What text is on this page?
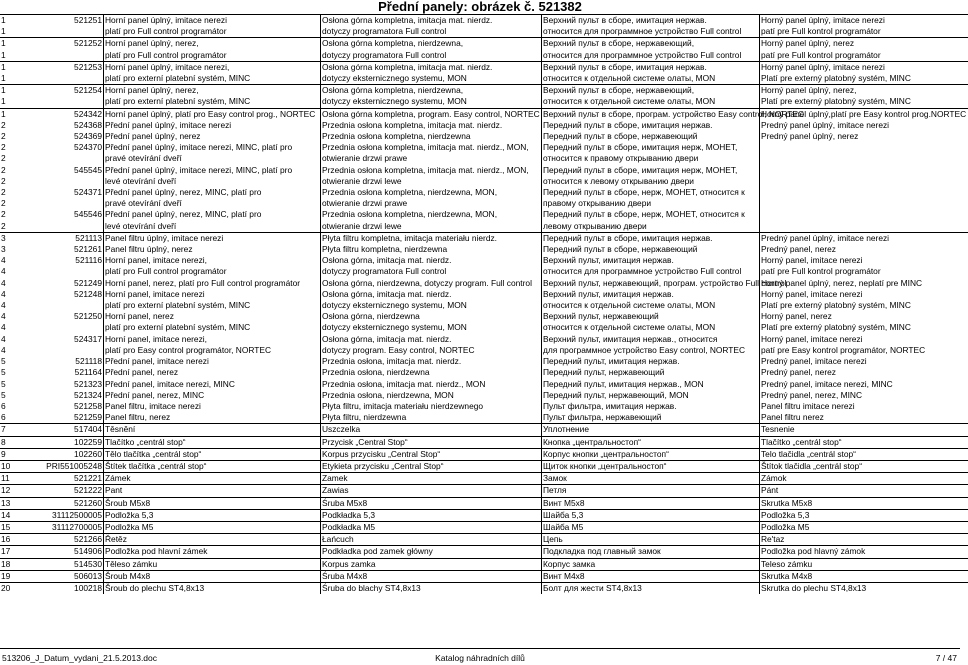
Přední panely: obrázek č. 521382
1	521251	Horní panel úplný, imitace nerezi	Osłona górna kompletna, imitacja mat. nierdz.	Верхний пульт в сборе, имитация нержав.	Horný panel úplný, imitace nerezi
1		platí pro Full control programátor	dotyczy programatora Full control	относится для программное устройство Full control	patí pre Full kontrol programátor
1	521252	Horní panel úplný, nerez,	Osłona górna kompletna, nierdzewna,	Верхний пульт в сборе, нержавеющий,	Horný panel úplný, nerez
1		platí pro Full control programátor	dotyczy programatora Full control	относится для программное устройство Full control	patí pre Full kontrol programátor
1	521253	Horní panel úplný, imitace nerezi,	Osłona górna kompletna, imitacja mat. nierdz.	Верхний пульт в сборе, имитация нержав.	Horný panel úplný, imitace nerezi
1		platí pro externí platební systém, MINC	dotyczy eksternicznego systemu, MON	относится к отдельной системе олаты, MON	Platí pre externý platobný systém, MINC
1	521254	Horní panel úplný, nerez,	Osłona górna kompletna, nierdzewna,	Верхний пульт в сборе, нержавеющий,	Horný panel úplný, nerez,
1		platí pro externí platební systém, MINC	dotyczy eksternicznego systemu, MON	относится к отдельной системе олаты, MON	Platí pre externý platobný systém, MINC
1	524342	Horní panel úplný, platí pro Easy control prog., NORTEC	Osłona górna kompletna, program. Easy control, NORTEC	Верхний пульт в сборе, програм. устройство Easy control, NORTEC	Horný panel úplný,platí pre Easy kontrol prog.NORTEC
2	524368	Přední panel úplný, imitace nerezi	Przednia osłona kompletna, imitacja mat. nierdz.	Передний пульт в сборе, имитация нержав.	Predný panel úplný, imitace nerezi
2	524369	Přední panel úplný, nerez	Przednia osłona kompletna, nierdzewna	Передний пульт в сборе, нержавеющий	Predný panel úplný, nerez
2	524370	Přední panel úplný, imitace nerezi, MINC, platí pro	Przednia osłona kompletna, imitacja mat. nierdz., MON,	Передний пульт в сборе, имитация нерж, МОНЕТ,	
2		pravé otevírání dveří	otwieranie drzwi prawe	относится к правому открыванию двери	
2	545545	Přední panel úplný, imitace nerezi, MINC, platí pro	Przednia osłona kompletna, imitacja mat. nierdz., MON,	Передний пульт в сборе, имитация нерж, МОНЕТ,	
2		levé otevírání dveří	otwieranie drzwi lewe	относится к левому открыванию двери	
2	524371	Přední panel úplný, nerez, MINC, platí pro	Przednia osłona kompletna, nierdzewna, MON,	Передний пульт в сборе, нерж, МОНЕТ, относится к	
2		pravé otevírání dveří	otwieranie drzwi prawe	правому открыванию двери	
2	545546	Přední panel úplný, nerez, MINC, platí pro	Przednia osłona kompletna, nierdzewna, MON,	Передний пульт в сборе, нерж, МОНЕТ, относится к	
2		levé otevírání dveří	otwieranie drzwi lewe	левому открыванию двери	
3	521113	Panel filtru úplný, imitace nerezi	Płyta filtru kompletna, imitacja materiału nierdz.	Передний пульт в сборе, имитация нержав.	Predný panel úplný, imitace nerezi
3	521261	Panel filtru úplný, nerez	Płyta filtru kompletna, nierdzewna	Передний пульт в сборе, нержавеющий	Predný panel, nerez
4	521116	Horní panel, imitace nerezi,	Osłona górna, imitacja mat. nierdz.	Верхний пульт, имитация нержав.	Horný panel, imitace nerezi
4		platí pro Full control programátor	dotyczy programatora Full control	относится для программное устройство Full control	patí pre Full kontrol programátor
4	521249	Horní panel, nerez, platí pro Full control programátor	Osłona górna, nierdzewna, dotyczy program. Full control	Верхний пульт, нержавеющий, програм. устройство Full control	Horný panel úplný, nerez, neplatí pre MINC
4	521248	Horní panel, imitace nerezi	Osłona górna, imitacja mat. nierdz.	Верхний пульт, имитация нержав.	Horný panel, imitace nerezi
4		platí pro externí platební systém, MINC	dotyczy eksternicznego systemu, MON	относится к отдельной системе олаты, MON	Platí pre externý platobný systém, MINC
4	521250	Horní panel, nerez	Osłona górna, nierdzewna	Верхний пульт, нержавеющий	Horný panel, nerez
4		platí pro externí platební systém, MINC	dotyczy eksternicznego systemu, MON	относится к отдельной системе олаты, MON	Platí pre externý platobný systém, MINC
4	524317	Horní panel, imitace nerezi,	Osłona górna, imitacja mat. nierdz.	Верхний пульт, имитация нержав., относится	Horný panel, imitace nerezi
4		platí pro Easy control programátor, NORTEC	dotyczy program. Easy control, NORTEC	для программное устройство Easy control, NORTEC	patí pre Easy kontrol programátor, NORTEC
5	521118	Přední panel, imitace nerezi	Przednia osłona, imitacja mat. nierdz.	Передний пульт, имитация нержав.	Predný panel, imitace nerezi
5	521164	Přední panel, nerez	Przednia osłona, nierdzewna	Передний пульт, нержавеющий	Predný panel, nerez
5	521323	Přední panel, imitace nerezi, MINC	Przednia osłona, imitacja mat. nierdz., MON	Передний пульт, имитация нержав., MON	Predný panel, imitace nerezi, MINC
5	521324	Přední panel, nerez, MINC	Przednia osłona, nierdzewna, MON	Передний пульт, нержавеющий, MON	Predný panel, nerez, MINC
6	521258	Panel filtru, imitace nerezi	Płyta filtru, imitacja materiału nierdzewnego	Пульт фильтра, имитация нержав.	Panel filtru imitace nerezi
6	521259	Panel filtru, nerez	Płyta filtru, nierdzewna	Пульт фильтра, нержавеющий	Panel filtru nerez
7	517404	Těsnění	Uszczelka	Уплотнение	Tesnenie
8	102259	Tlačítko „centrál stop“	Przycisk „Central Stop“	Кнопка „центральностоп“	Tlačítko „centrál stop“
9	102260	Tělo tlačítka „centrál stop“	Korpus przycisku „Central Stop“	Корпус кнопки „центральностоп“	Telo tlačidla „centrál stop“
10	PRI551005248	Štítek tlačítka „centrál stop“	Etykieta przycisku „Central Stop“	Щиток кнопки „центральностоп“	Štítok tlačidla „centrál stop“
11	521221	Zámek	Zamek	Замок	Zámok
12	521222	Pant	Zawias	Петля	Pánt
13	521260	Šroub M5x8	Śruba M5x8	Винт M5x8	Skrutka M5x8
14	31112500005	Podložka 5,3	Podkładka 5,3	Шайба 5,3	Podložka 5,3
15	31112700005	Podložka M5	Podkładka M5	Шайба M5	Podložka M5
16	521266	Řetěz	Łańcuch	Цепь	Re'taz
17	514906	Podložka pod hlavní zámek	Podkładka pod zamek główny	Подкладка под главный замок	Podložka pod hlavný zámok
18	514530	Těleso zámku	Korpus zamka	Корпус замка	Teleso zámku
19	506013	Šroub M4x8	Śruba M4x8	Винт M4x8	Skrutka M4x8
20	100218	Šroub do plechu ST4,8x13	Śruba do blachy ST4,8x13	Болт для жести ST4,8x13	Skrutka do plechu ST4,8x13
513206_J_Datum_vydani_21.5.2013.doc	Katalog náhradních dílů	7 / 47
